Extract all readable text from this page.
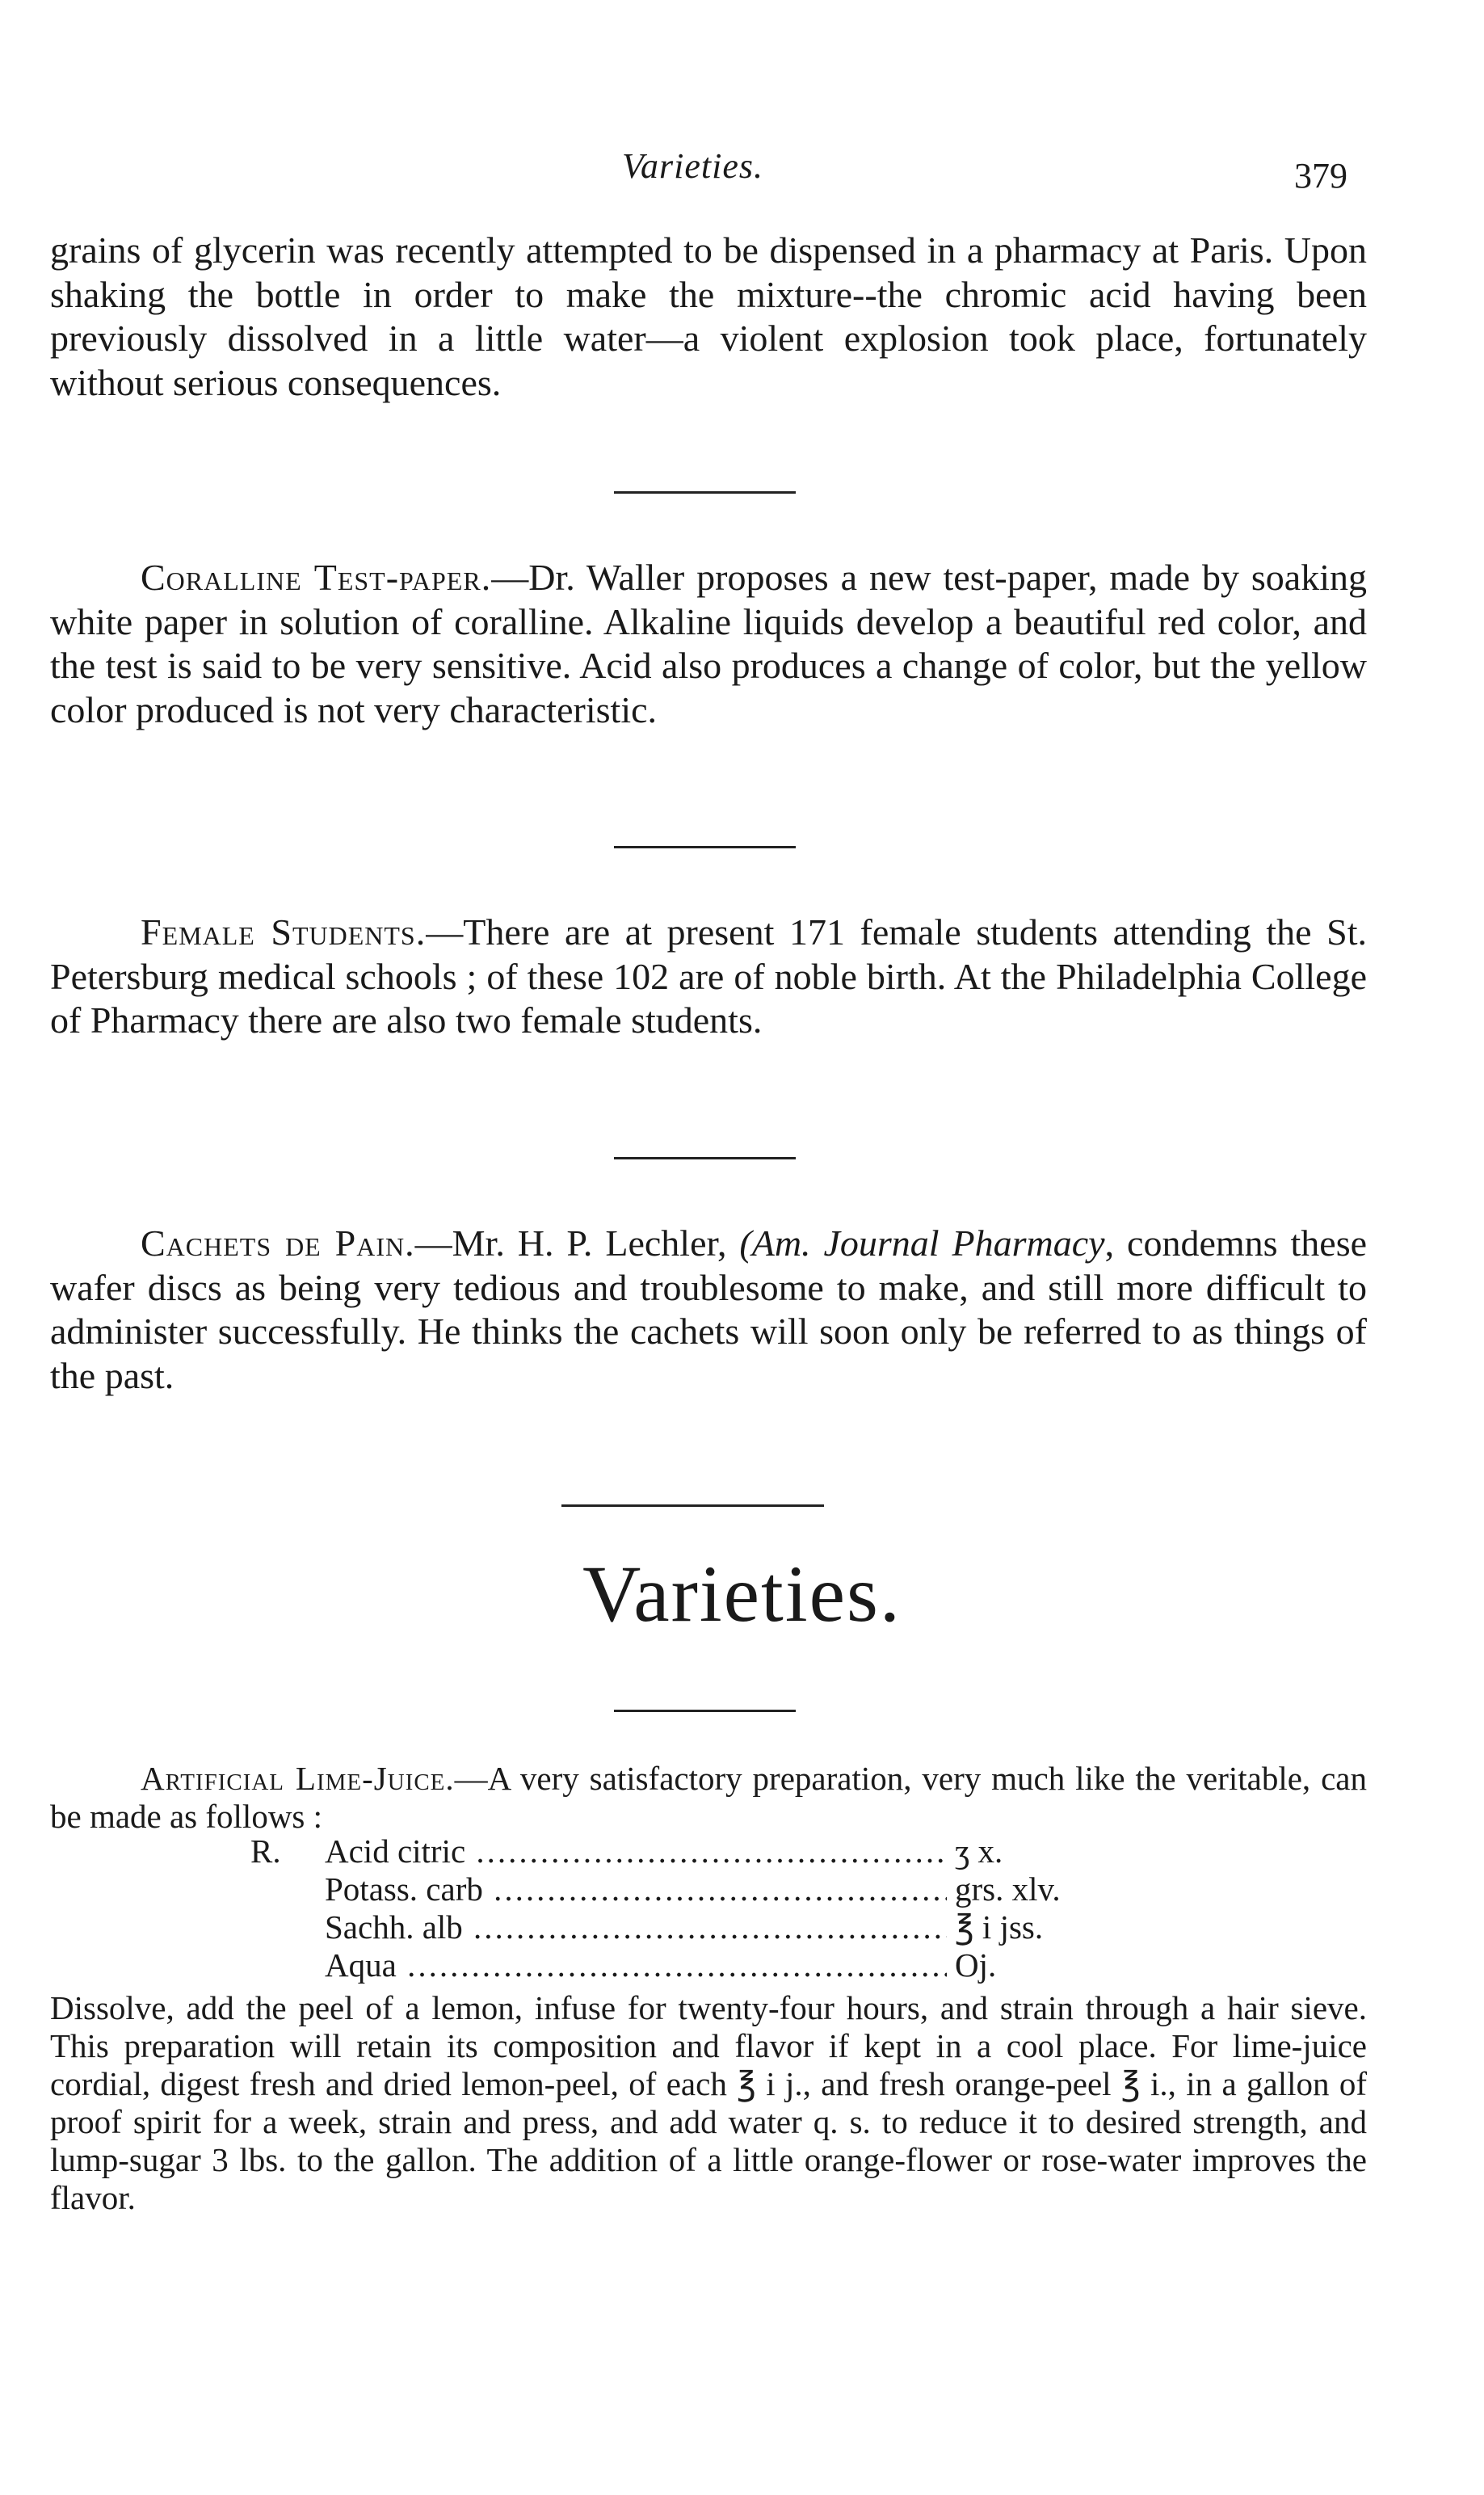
Varieties.	379

grains of glycerin was recently attempted to be dispensed in a pharmacy at Paris. Upon shaking the bottle in order to make the mixture--the chromic acid having been previously dissolved in a little water—a violent explosion took place, fortunately without serious consequences.

Coralline Test-paper.—Dr. Waller proposes a new test-paper, made by soaking white paper in solution of coralline. Alkaline liquids develop a beautiful red color, and the test is said to be very sensitive. Acid also produces a change of color, but the yellow color produced is not very characteristic.

Female Students.—There are at present 171 female students attending the St. Petersburg medical schools ; of these 102 are of noble birth. At the Philadelphia College of Pharmacy there are also two female students.

Cachets de Pain.—Mr. H. P. Lechler, (Am. Journal Pharmacy, condemns these wafer discs as being very tedious and troublesome to make, and still more difficult to administer successfully. He thinks the cachets will soon only be referred to as things of the past.

Varieties.

Artificial Lime-Juice.—A very satisfactory preparation, very much like the veritable, can be made as follows :

R. Acid citric .....	ʒ x.
Potass. carb .....	grs. xlv.
Sachh. alb .....	℥ i jss.
Aqua .....	Oj.

Dissolve, add the peel of a lemon, infuse for twenty-four hours, and strain through a hair sieve. This preparation will retain its composition and flavor if kept in a cool place. For lime-juice cordial, digest fresh and dried lemon-peel, of each ℥ i j., and fresh orange-peel ℥ i., in a gallon of proof spirit for a week, strain and press, and add water q. s. to reduce it to desired strength, and lump-sugar 3 lbs. to the gallon. The addition of a little orange-flower or rose-water improves the flavor.
